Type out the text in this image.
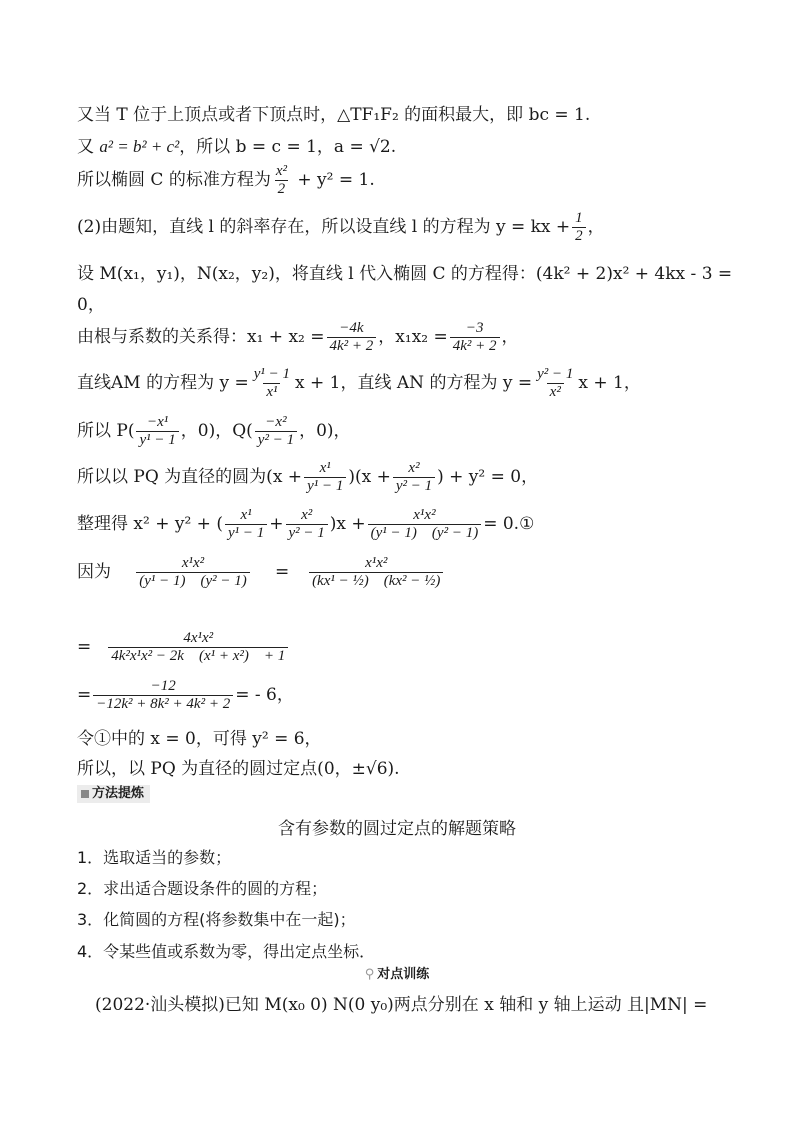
又当 T 位于上顶点或者下顶点时，△TF₁F₂ 的面积最大，即 bc = 1.
又 a² = b² + c²，所以 b = c = 1，a = √2.
所以椭圆 C 的标准方程为 $\frac{\text{x²}}{2} + y^2 = 1$.
(2)由题知，直线 l 的斜率存在，所以设直线 l 的方程为 y = kx + $\frac{1}{2}$ ，
设 M(x₁，y₁)，N(x₂，y₂)，将直线 l 代入椭圆 C 的方程得：(4k² + 2)x² + 4kx - 3 =
0，
由根与系数的关系得：$x_1 + x_2 = \frac{-4k}{\text{4k² + 2}}$ ，$x_1x_2 = \frac{-3}{\text{4k² + 2}}$ ，
直线AM 的方程为 $y = \frac{\text{y¹ − 1}}{\text{x¹}}$ x + 1，直线 AN 的方程为 $y = \frac{\text{y² − 1}}{\text{x²}}$ x + 1，
所以 $P( \frac{\text{−x¹}}{\text{y¹ − 1}}$ ，0)，$Q( \frac{\text{−x²}}{\text{y² − 1}}$ ，0)，
所以以 PQ 为直径的圆为$(x + \frac{\text{x¹}}{\text{y¹ − 1}} )(x + \frac{\text{x²}}{\text{y² − 1}}$ ) + y² = 0，
整理得 x² + y² + ( $\frac{\text{x¹}}{\text{y¹ − 1}} + \frac{\text{x²}}{\text{y² − 1}} )x + \frac{\text{x¹x²}}{\text{(y¹ − 1)　(y² − 1)}}$ = 0.①
因为 $\frac{\text{x¹x²}}{\text{(y¹ − 1)　(y² − 1)}} = \frac{\text{x¹x²}}{\text{(kx¹ − ½)　(kx² − ½)}}$
= $\frac{\text{4x¹x²}}{\text{4k²x¹x² − 2k　(x¹ + x²)　+ 1}}$
= $\frac{-12}{\text{−12k² + 8k² + 4k² + 2}}$ = - 6，
令①中的 x = 0，可得 y² = 6，
所以，以 PQ 为直径的圆过定点(0，±√6).
方法提炼
含有参数的圆过定点的解题策略
1．选取适当的参数；
2．求出适合题设条件的圆的方程；
3．化简圆的方程(将参数集中在一起)；
4．令某些值或系数为零，得出定点坐标．
⚲ 对点训练
(2022·汕头模拟)已知 M(x₀ 0) N(0 y₀)两点分别在 x 轴和 y 轴上运动 且|MN| =
